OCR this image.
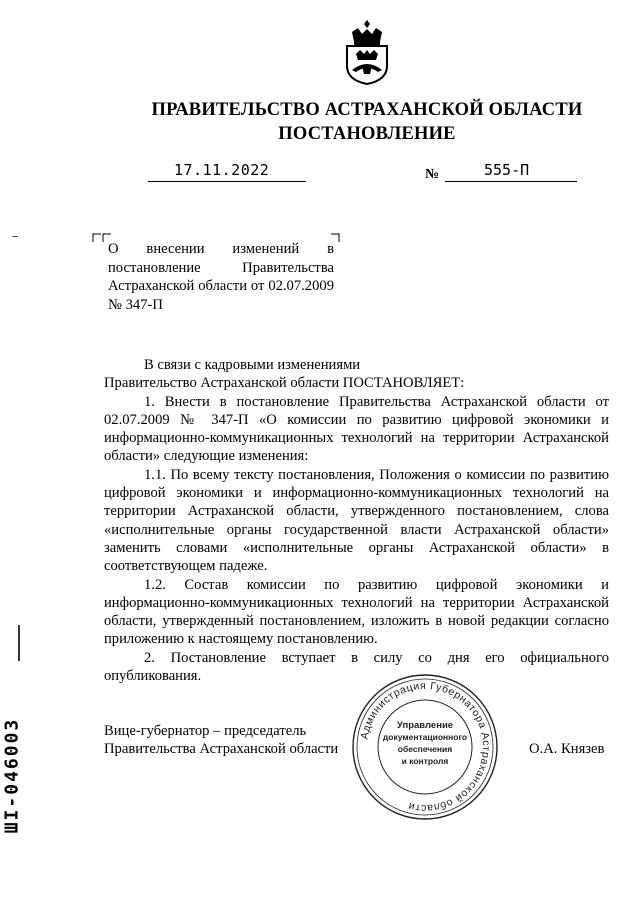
ПРАВИТЕЛЬСТВО АСТРАХАНСКОЙ ОБЛАСТИ
ПОСТАНОВЛЕНИЕ
17.11.2022	№	555-П
О внесении изменений в постановление Правительства Астраханской области от 02.07.2009 № 347-П

В связи с кадровыми изменениями

Правительство Астраханской области ПОСТАНОВЛЯЕТ:

1. Внести в постановление Правительства Астраханской области от 02.07.2009 № 347-П «О комиссии по развитию цифровой экономики и информационно-коммуникационных технологий на территории Астраханской области» следующие изменения:

1.1. По всему тексту постановления, Положения о комиссии по развитию цифровой экономики и информационно-коммуникационных технологий на территории Астраханской области, утвержденного постановлением, слова «исполнительные органы государственной власти Астраханской области» заменить словами «исполнительные органы Астраханской области» в соответствующем падеже.

1.2. Состав комиссии по развитию цифровой экономики и информационно-коммуникационных технологий на территории Астраханской области, утвержденный постановлением, изложить в новой редакции согласно приложению к настоящему постановлению.

2. Постановление вступает в силу со дня его официального опубликования.

Вице-губернатор – председатель
Правительства Астраханской области	О.А. Князев
Администрация Губернатора Астраханской области
Управление
документационного
обеспечения
и контроля
ШI-046003
